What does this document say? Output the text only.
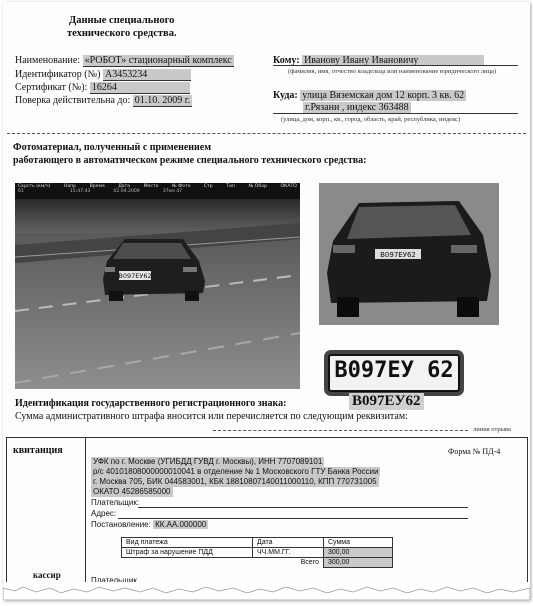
Данные специального
технического средства.
Наименование: «РОБОТ» стационарный комплекс
Идентификатор (№) А3453234
Сертификат (№): 16264
Поверка действительна до: 01.10. 2009 г.
Кому: Иванову Ивану Ивановичу
(фамилия, имя, отчество владельца или наименование юридического лица)
Куда: улица Вяземская дом 12 корп. 3 кв. 62
г.Рязани , индекс 363488
(улица, дом, корп., кв., город, область, край, республика, индекс)
Фотоматериал, полученный с применением
работающего в автоматическом режиме специального технического средства:
Скрсть (км/ч)	Напр	Время	Дата	Место	№ Фото	Стр	Тип	№ Обор	ОКАТО
61	15:47:43	02.04.2009	37км 47
В097ЕУ62
В097ЕУ62
В097ЕУ 62
Идентификация государственного регистрационного знака:	В097ЕУ62
Сумма административного штрафа вносится или перечисляется по следующим реквизитам:
линия отрыва
квитанция	Форма № ПД-4
УФК по г. Москве (УГИБДД ГУВД г. Москвы), ИНН 7707089101
р/с 40101808000000010041 в отделение № 1 Московского ГТУ Банка России
г. Москва 705, БИК 044583001, КБК 18810807140011000110, КПП 770731005
ОКАТО 45286585000
Плательщик:
Адрес:
Постановление: КК.АА.000000
Вид платежа	Дата	Сумма
Штраф за нарушение ПДД	ЧЧ.ММ.ГГ.	300,00
	Всего	300,00
кассир
Плательщик
